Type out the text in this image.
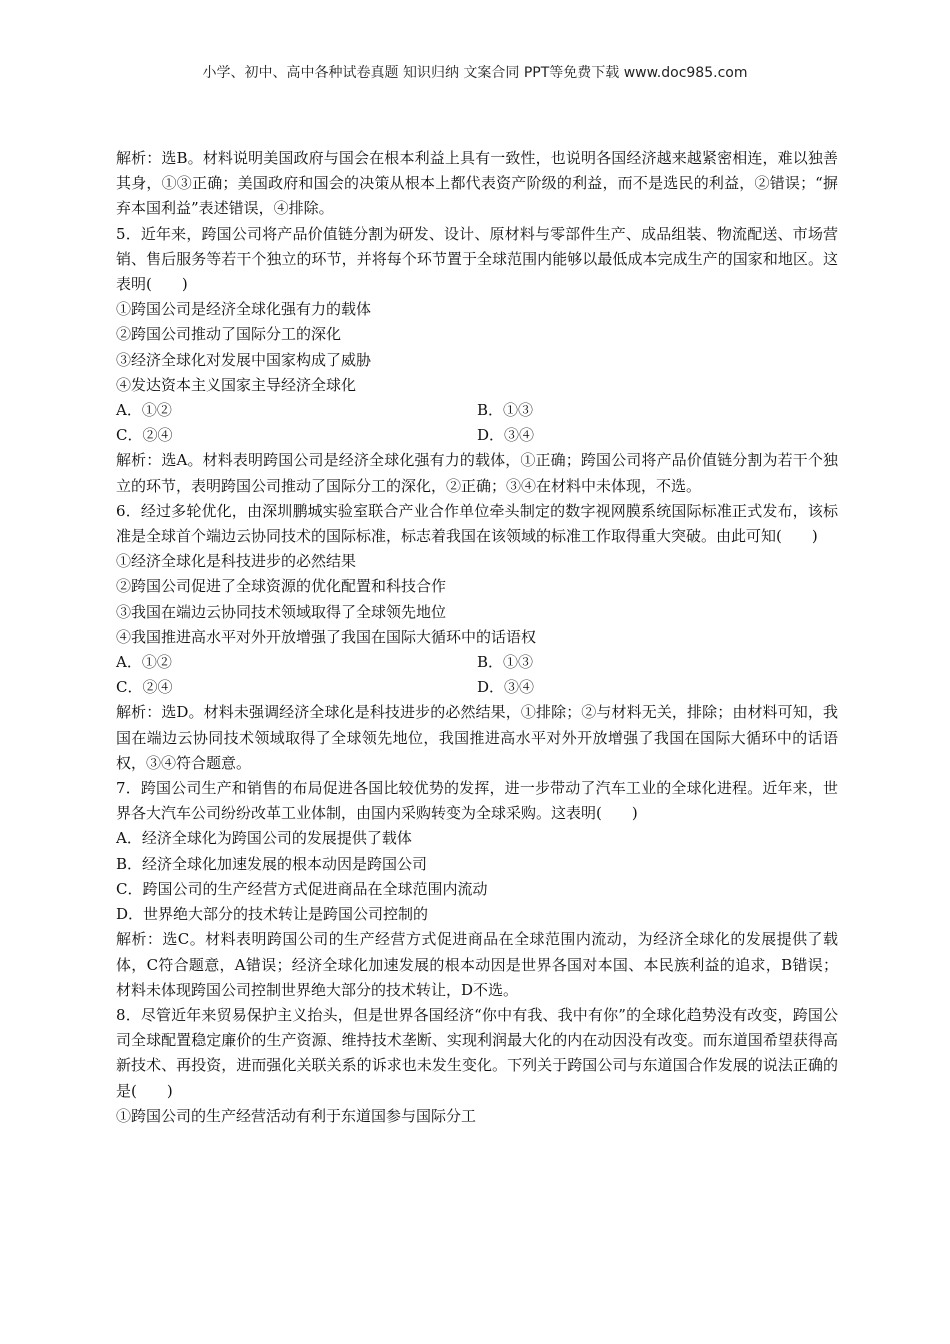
小学、初中、高中各种试卷真题 知识归纳 文案合同 PPT等免费下载 www.doc985.com

解析：选B。材料说明美国政府与国会在根本利益上具有一致性，也说明各国经济越来越紧密相连，难以独善其身，①③正确；美国政府和国会的决策从根本上都代表资产阶级的利益，而不是选民的利益，②错误；“摒弃本国利益”表述错误，④排除。

5．近年来，跨国公司将产品价值链分割为研发、设计、原材料与零部件生产、成品组装、物流配送、市场营销、售后服务等若干个独立的环节，并将每个环节置于全球范围内能够以最低成本完成生产的国家和地区。这表明(　　)

①跨国公司是经济全球化强有力的载体

②跨国公司推动了国际分工的深化

③经济全球化对发展中国家构成了威胁

④发达资本主义国家主导经济全球化

A．①②	B．①③
C．②④	D．③④

解析：选A。材料表明跨国公司是经济全球化强有力的载体，①正确；跨国公司将产品价值链分割为若干个独立的环节，表明跨国公司推动了国际分工的深化，②正确；③④在材料中未体现，不选。

6．经过多轮优化，由深圳鹏城实验室联合产业合作单位牵头制定的数字视网膜系统国际标准正式发布，该标准是全球首个端边云协同技术的国际标准，标志着我国在该领域的标准工作取得重大突破。由此可知(　　)

①经济全球化是科技进步的必然结果

②跨国公司促进了全球资源的优化配置和科技合作

③我国在端边云协同技术领域取得了全球领先地位

④我国推进高水平对外开放增强了我国在国际大循环中的话语权

A．①②	B．①③
C．②④	D．③④

解析：选D。材料未强调经济全球化是科技进步的必然结果，①排除；②与材料无关，排除；由材料可知，我国在端边云协同技术领域取得了全球领先地位，我国推进高水平对外开放增强了我国在国际大循环中的话语权，③④符合题意。

7．跨国公司生产和销售的布局促进各国比较优势的发挥，进一步带动了汽车工业的全球化进程。近年来，世界各大汽车公司纷纷改革工业体制，由国内采购转变为全球采购。这表明(　　)

A．经济全球化为跨国公司的发展提供了载体

B．经济全球化加速发展的根本动因是跨国公司

C．跨国公司的生产经营方式促进商品在全球范围内流动

D．世界绝大部分的技术转让是跨国公司控制的

解析：选C。材料表明跨国公司的生产经营方式促进商品在全球范围内流动，为经济全球化的发展提供了载体，C符合题意，A错误；经济全球化加速发展的根本动因是世界各国对本国、本民族利益的追求，B错误；材料未体现跨国公司控制世界绝大部分的技术转让，D不选。

8．尽管近年来贸易保护主义抬头，但是世界各国经济“你中有我、我中有你”的全球化趋势没有改变，跨国公司全球配置稳定廉价的生产资源、维持技术垄断、实现利润最大化的内在动因没有改变。而东道国希望获得高新技术、再投资，进而强化关联关系的诉求也未发生变化。下列关于跨国公司与东道国合作发展的说法正确的是(　　)

①跨国公司的生产经营活动有利于东道国参与国际分工
